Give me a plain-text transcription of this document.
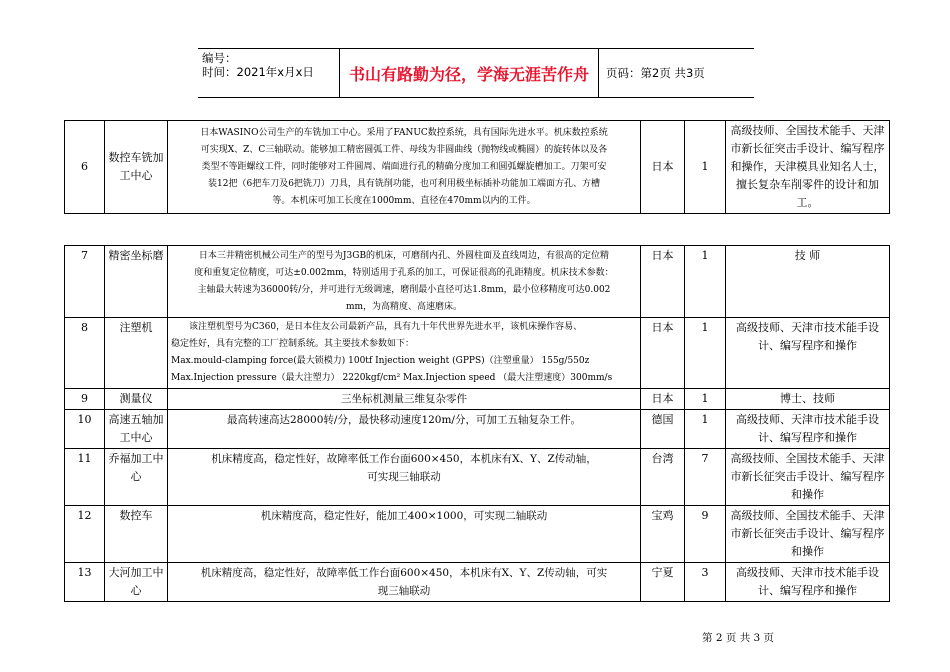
编号：
时间：2021年x月x日	书山有路勤为径，学海无涯苦作舟	页码：第2页 共3页
6	数控车铣加工中心	
日本WASINO公司生产的车铣加工中心。采用了FANUC数控系统，具有国际先进水平。机床数控系统
可实现X、Z、C三轴联动。能够加工精密圆弧工件、母线为非圆曲线（抛物线或椭圆）的旋转体以及各
类型不等距螺纹工件，同时能够对工件圆周、端面进行孔的精确分度加工和圆弧螺旋槽加工。刀架可安
装12把（6把车刀及6把铣刀）刀具，具有铣削功能，也可利用极坐标插补功能加工端面方孔、方槽
等。本机床可加工长度在1000mm、直径在470mm以内的工件。
	日本	1	高级技师、全国技术能手、天津市新长征突击手设计、编写程序和操作，天津模具业知名人士，擅长复杂车削零件的设计和加工。
7	精密坐标磨	日本三井精密机械公司生产的型号为J3GB的机床，可磨削内孔、外圆柱面及直线周边，有很高的定位精
度和重复定位精度，可达±0.002mm，特别适用于孔系的加工，可保证很高的孔距精度。机床技术参数：
主轴最大转速为36000转/分，并可进行无级调速，磨削最小直径可达1.8mm，最小位移精度可达0.002
mm，为高精度、高速磨床。	日本	1	技 师
8	注塑机	该注塑机型号为C360，是日本住友公司最新产品，具有九十年代世界先进水平，该机床操作容易、
稳定性好，具有完整的工厂控制系统。其主要技术参数如下：
Max.mould-clamping force(最大锁模力) 100tf Injection weight (GPPS)（注塑重量） 155g/550z
Max.Injection pressure（最大注塑力） 2220kgf/cm² Max.Injection speed （最大注塑速度）300mm/s	日本	1	高级技师、天津市技术能手设计、编写程序和操作
9	测量仪	三坐标机测量三维复杂零件	日本	1	博士、技师
10	高速五轴加工中心	最高转速高达28000转/分，最快移动速度120m/分，可加工五轴复杂工件。	德国	1	高级技师、天津市技术能手设计、编写程序和操作
11	乔福加工中心	机床精度高，稳定性好，故障率低工作台面600×450，本机床有X、Y、Z传动轴，
可实现三轴联动	台湾	7	高级技师、全国技术能手、天津市新长征突击手设计、编写程序和操作
12	数控车	机床精度高，稳定性好，能加工400×1000，可实现二轴联动	宝鸡	9	高级技师、全国技术能手、天津市新长征突击手设计、编写程序和操作
13	大河加工中心	机床精度高，稳定性好，故障率低工作台面600×450，本机床有X、Y、Z传动轴，可实
现三轴联动	宁夏	3	高级技师、天津市技术能手设计、编写程序和操作
第 2 页 共 3 页
